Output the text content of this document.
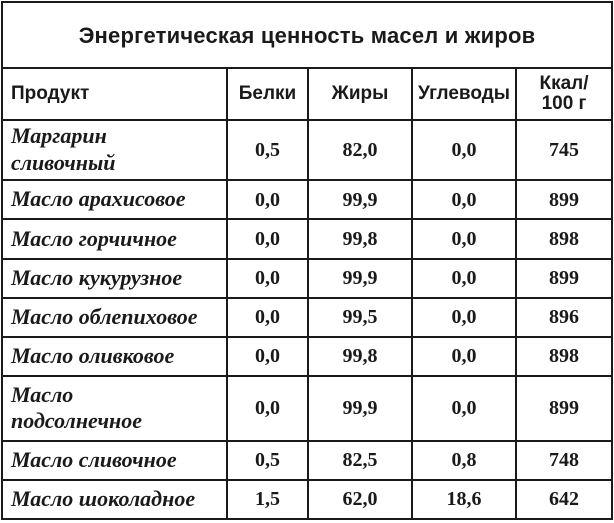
Энергетическая ценность масел и жиров				
Продукт	Белки	Жиры	Углеводы	Ккал/
100 г
Маргарин
сливочный	0,5	82,0	0,0	745
Масло арахисовое	0,0	99,9	0,0	899
Масло горчичное	0,0	99,8	0,0	898
Масло кукурузное	0,0	99,9	0,0	899
Масло облепиховое	0,0	99,5	0,0	896
Масло оливковое	0,0	99,8	0,0	898
Масло
подсолнечное	0,0	99,9	0,0	899
Масло сливочное	0,5	82,5	0,8	748
Масло шоколадное	1,5	62,0	18,6	642
